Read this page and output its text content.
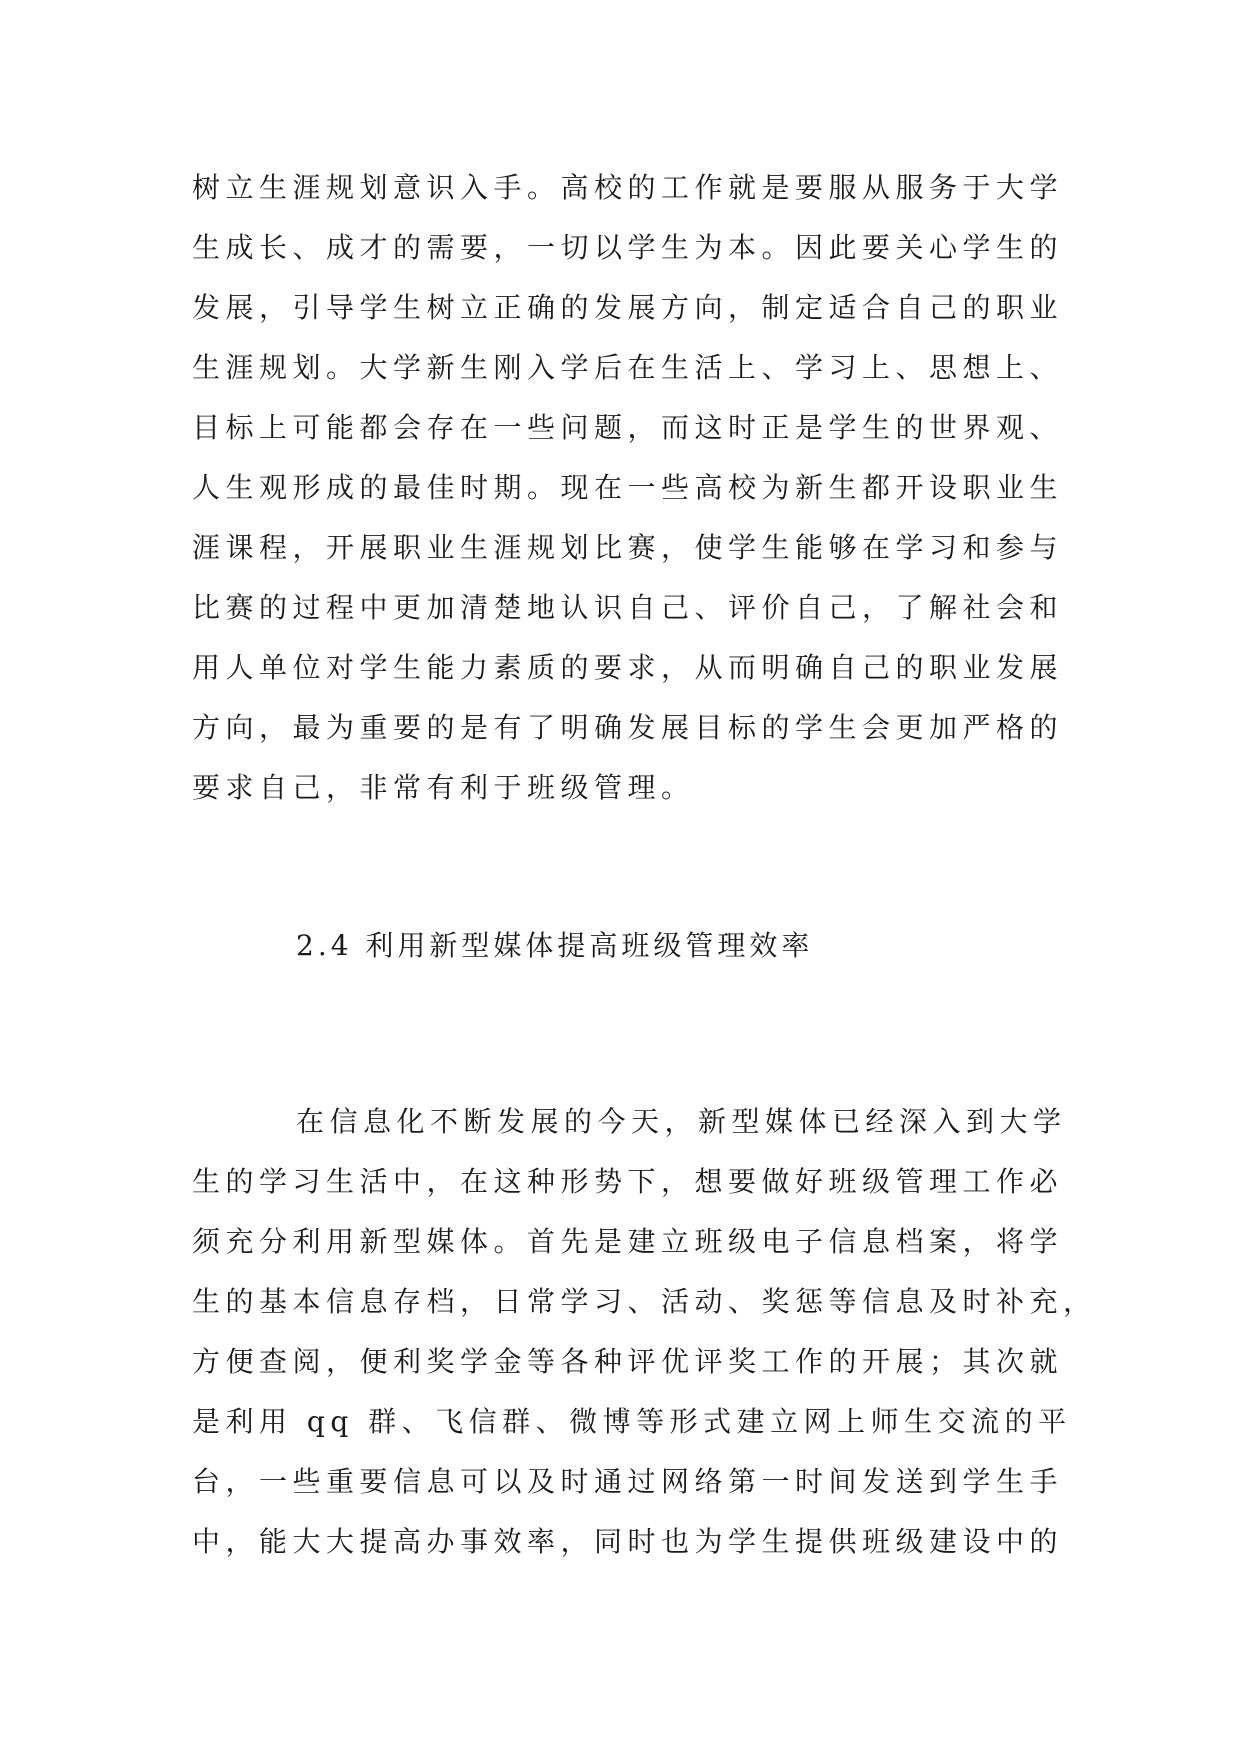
树立生涯规划意识入手。高校的工作就是要服从服务于大学
生成长、成才的需要，一切以学生为本。因此要关心学生的
发展，引导学生树立正确的发展方向，制定适合自己的职业
生涯规划。大学新生刚入学后在生活上、学习上、思想上、
目标上可能都会存在一些问题，而这时正是学生的世界观、
人生观形成的最佳时期。现在一些高校为新生都开设职业生
涯课程，开展职业生涯规划比赛，使学生能够在学习和参与
比赛的过程中更加清楚地认识自己、评价自己，了解社会和
用人单位对学生能力素质的要求，从而明确自己的职业发展
方向，最为重要的是有了明确发展目标的学生会更加严格的
要求自己，非常有利于班级管理。
2.4 利用新型媒体提高班级管理效率
在信息化不断发展的今天，新型媒体已经深入到大学
生的学习生活中，在这种形势下，想要做好班级管理工作必
须充分利用新型媒体。首先是建立班级电子信息档案，将学
生的基本信息存档，日常学习、活动、奖惩等信息及时补充，
方便查阅，便利奖学金等各种评优评奖工作的开展；其次就
是利用 qq 群、飞信群、微博等形式建立网上师生交流的平
台，一些重要信息可以及时通过网络第一时间发送到学生手
中，能大大提高办事效率，同时也为学生提供班级建设中的
